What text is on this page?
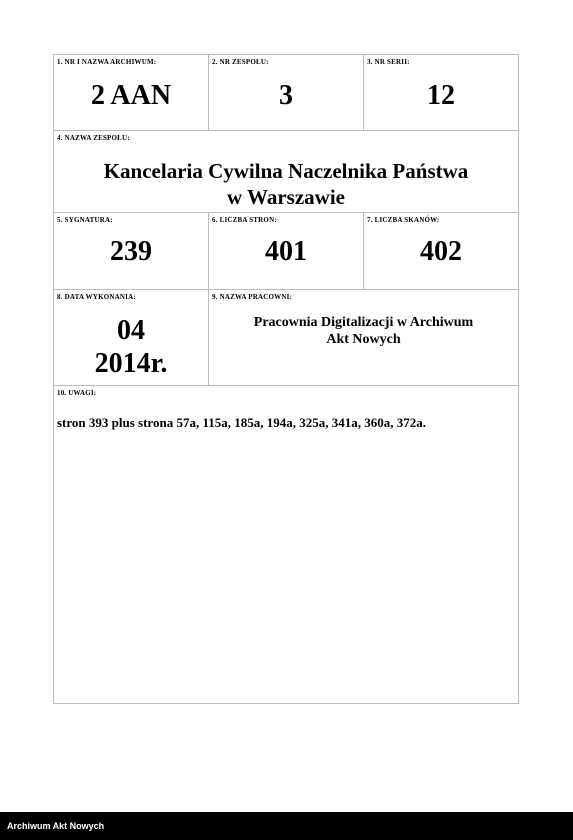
1. NR I NAZWA ARCHIWUM:
2 AAN
2. NR ZESPOŁU:
3
3. NR SERII:
12
4. NAZWA ZESPOŁU:
Kancelaria Cywilna Naczelnika Państwa
w Warszawie
5. SYGNATURA:
239
6. LICZBA STRON:
401
7. LICZBA SKANÓW:
402
8. DATA WYKONANIA:
04
2014r.
9. NAZWA PRACOWNI:
Pracownia Digitalizacji w Archiwum
Akt Nowych
10. UWAGI:
stron 393 plus strona 57a, 115a, 185a, 194a, 325a, 341a, 360a, 372a.
Archiwum Akt Nowych
